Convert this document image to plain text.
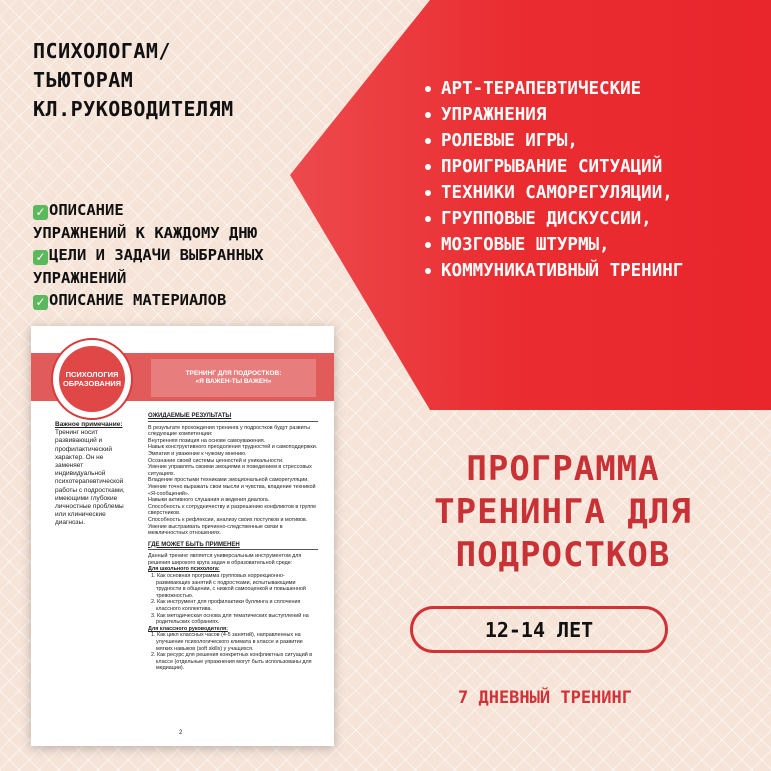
ПСИХОЛОГАМ/
ТЬЮТОРАМ
КЛ.РУКОВОДИТЕЛЯМ
✓ ОПИСАНИЕ
УПРАЖНЕНИЙ К КАЖДОМУ ДНЮ
✓ ЦЕЛИ И ЗАДАЧИ ВЫБРАННЫХ
УПРАЖНЕНИЙ
✓ ОПИСАНИЕ МАТЕРИАЛОВ
АРТ-ТЕРАПЕВТИЧЕСКИЕ
УПРАЖНЕНИЯ
РОЛЕВЫЕ ИГРЫ,
ПРОИГРЫВАНИЕ СИТУАЦИЙ
ТЕХНИКИ САМОРЕГУЛЯЦИИ,
ГРУППОВЫЕ ДИСКУССИИ,
МОЗГОВЫЕ ШТУРМЫ,
КОММУНИКАТИВНЫЙ ТРЕНИНГ
ПСИХОЛОГИЯ ОБРАЗОВАНИЯ
ТРЕНИНГ ДЛЯ ПОДРОСТКОВ:
«Я ВАЖЕН-ТЫ ВАЖЕН»
Важное примечание:
Тренинг носит развивающий и профилактический характер. Он не заменяет индивидуальной психотерапевтической работы с подростками, имеющими глубокие личностные проблемы или клинические диагнозы.
ОЖИДАЕМЫЕ РЕЗУЛЬТАТЫ

В результате прохождения тренинга у подростков будут развиты следующие компетенции:

Внутренняя позиция на основе самоуважения.
Навык конструктивного преодоления трудностей и самоподдержки.
Эмпатия и уважение к чужому мнению.
Осознание своей системы ценностей и уникальности.
Умение управлять своими эмоциями и поведением в стрессовых ситуациях.
Владение простыми техниками эмоциональной саморегуляции.
Умение точно выражать свои мысли и чувства, владение техникой «Я-сообщений».
Навыки активного слушания и ведения диалога.
Способность к сотрудничеству и разрешению конфликтов в группе сверстников.
Способность к рефлексии, анализу своих поступков и мотивов.
Умение выстраивать причинно-следственные связи в межличностных отношениях.
ГДЕ МОЖЕТ БЫТЬ ПРИМЕНЕН

Данный тренинг является универсальным инструментом для решения широкого круга задач в образовательной среде:

Для школьного психолога:
1. Как основная программа групповых коррекционно-развивающих занятий с подростками, испытывающими трудности в общении, с низкой самооценкой и повышенной тревожностью.
2. Как инструмент для профилактики буллинга и сплочения классного коллектива.
3. Как методическая основа для тематических выступлений на родительских собраниях.
Для классного руководителя:
1. Как цикл классных часов (4-5 занятий), направленных на улучшение психологического климата в классе и развитие мягких навыков (soft skills) у учащихся.
2. Как ресурс для решения конкретных конфликтных ситуаций в классе (отдельные упражнения могут быть использованы для медиации).
2
ПРОГРАММА
ТРЕНИНГА ДЛЯ
ПОДРОСТКОВ
12-14 ЛЕТ
7 ДНЕВНЫЙ ТРЕНИНГ
